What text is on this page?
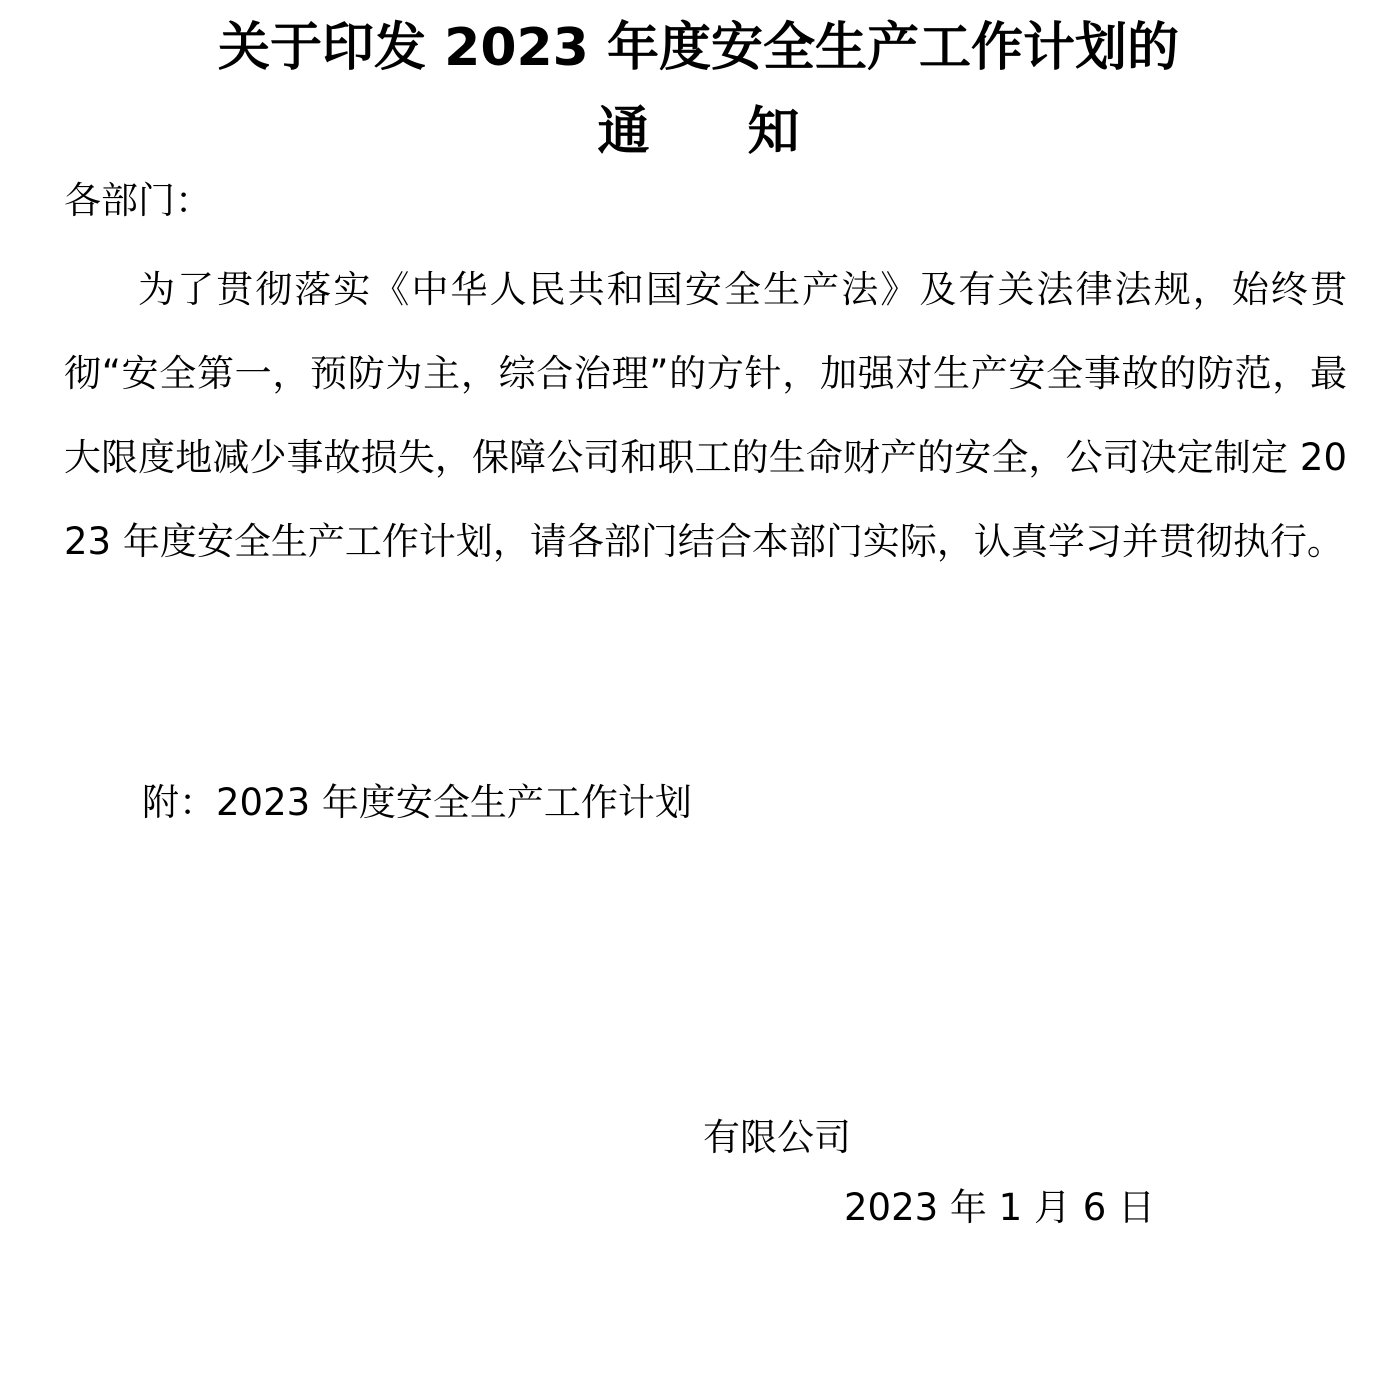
关于印发 2023 年度安全生产工作计划的
通 知
各部门：

为了贯彻落实《中华人民共和国安全生产法》及有关法律法规，始终贯彻“安全第一，预防为主，综合治理”的方针，加强对生产安全事故的防范，最大限度地减少事故损失，保障公司和职工的生命财产的安全，公司决定制定 2023 年度安全生产工作计划，请各部门结合本部门实际，认真学习并贯彻执行。

附：2023 年度安全生产工作计划
有限公司
2023 年 1 月 6 日
